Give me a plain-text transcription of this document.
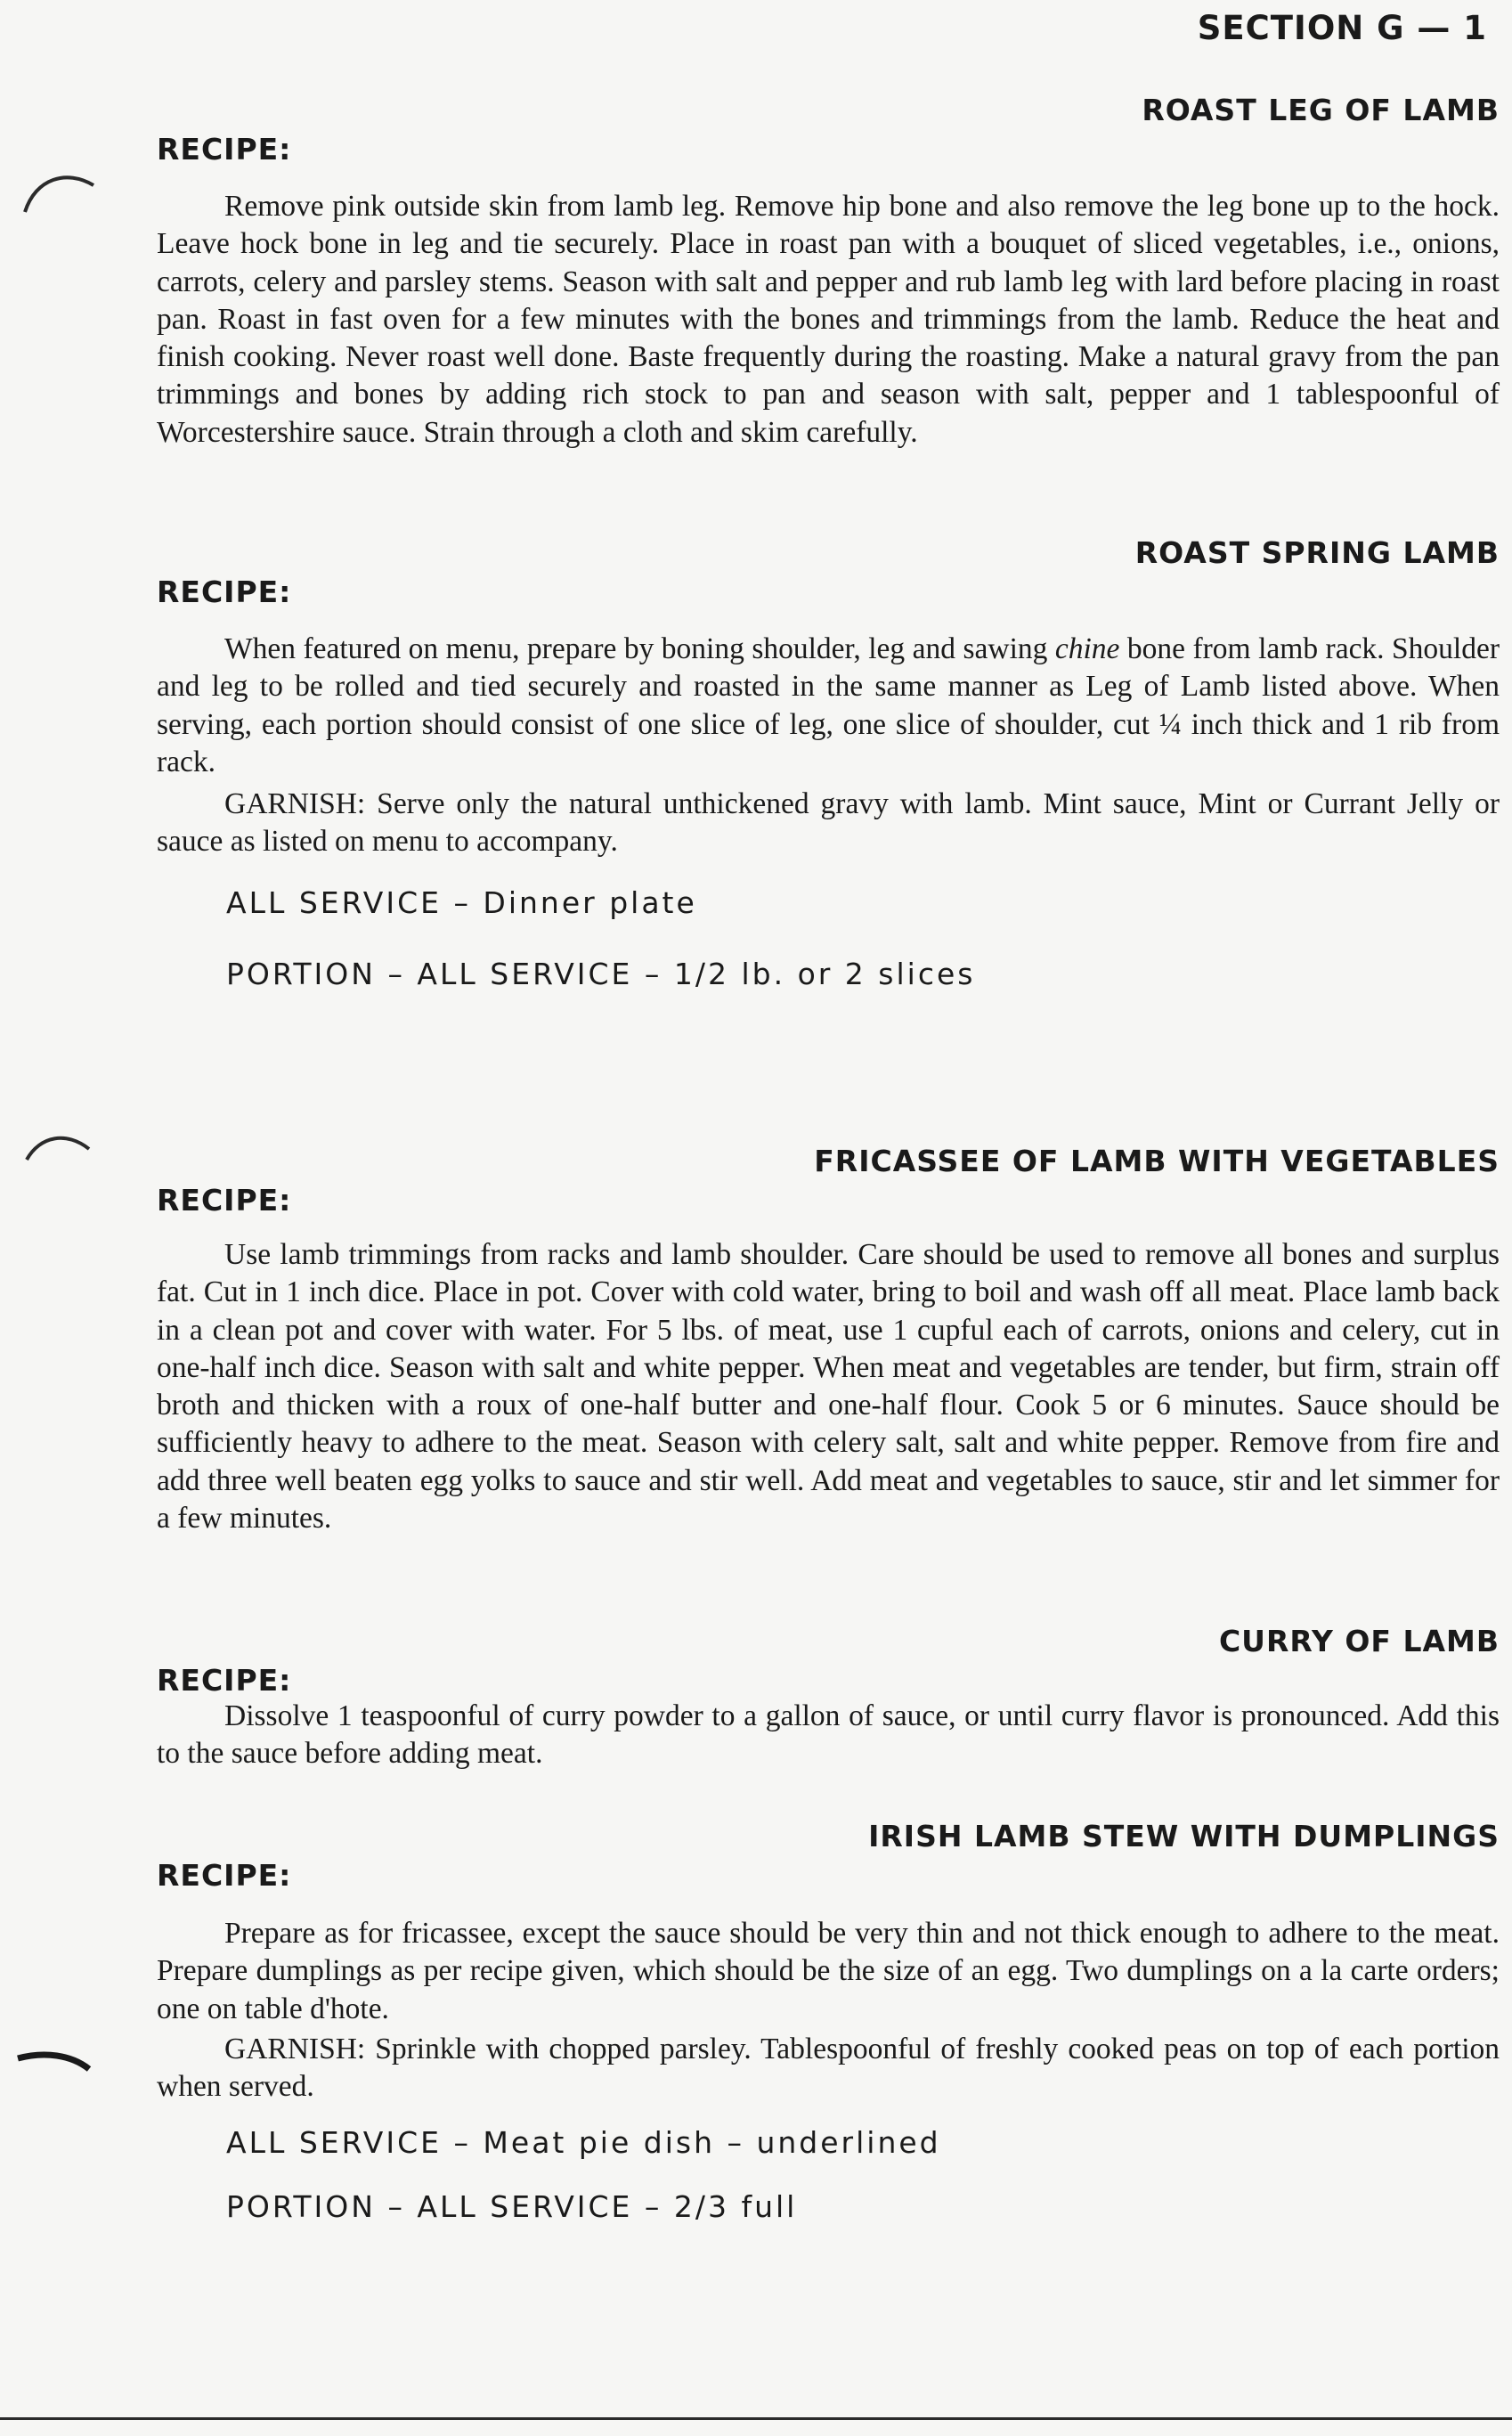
SECTION G — 1
ROAST LEG OF LAMB
RECIPE:

Remove pink outside skin from lamb leg. Remove hip bone and also remove the leg bone up to the hock. Leave hock bone in leg and tie securely. Place in roast pan with a bouquet of sliced vegetables, i.e., onions, carrots, celery and parsley stems. Season with salt and pepper and rub lamb leg with lard before placing in roast pan. Roast in fast oven for a few minutes with the bones and trimmings from the lamb. Reduce the heat and finish cooking. Never roast well done. Baste frequently during the roasting. Make a natural gravy from the pan trimmings and bones by adding rich stock to pan and season with salt, pepper and 1 tablespoonful of Worcestershire sauce. Strain through a cloth and skim carefully.

ROAST SPRING LAMB
RECIPE:

When featured on menu, prepare by boning shoulder, leg and sawing chine bone from lamb rack. Shoulder and leg to be rolled and tied securely and roasted in the same manner as Leg of Lamb listed above. When serving, each portion should consist of one slice of leg, one slice of shoulder, cut ¼ inch thick and 1 rib from rack.

GARNISH: Serve only the natural unthickened gravy with lamb. Mint sauce, Mint or Currant Jelly or sauce as listed on menu to accompany.

ALL SERVICE – Dinner plate
PORTION – ALL SERVICE – 1/2 lb. or 2 slices
FRICASSEE OF LAMB WITH VEGETABLES
RECIPE:

Use lamb trimmings from racks and lamb shoulder. Care should be used to remove all bones and surplus fat. Cut in 1 inch dice. Place in pot. Cover with cold water, bring to boil and wash off all meat. Place lamb back in a clean pot and cover with water. For 5 lbs. of meat, use 1 cupful each of carrots, onions and celery, cut in one-half inch dice. Season with salt and white pepper. When meat and vegetables are tender, but firm, strain off broth and thicken with a roux of one-half butter and one-half flour. Cook 5 or 6 minutes. Sauce should be sufficiently heavy to adhere to the meat. Season with celery salt, salt and white pepper. Remove from fire and add three well beaten egg yolks to sauce and stir well. Add meat and vegetables to sauce, stir and let simmer for a few minutes.

CURRY OF LAMB
RECIPE:

Dissolve 1 teaspoonful of curry powder to a gallon of sauce, or until curry flavor is pronounced. Add this to the sauce before adding meat.

IRISH LAMB STEW WITH DUMPLINGS
RECIPE:

Prepare as for fricassee, except the sauce should be very thin and not thick enough to adhere to the meat. Prepare dumplings as per recipe given, which should be the size of an egg. Two dumplings on a la carte orders; one on table d'hote.

GARNISH: Sprinkle with chopped parsley. Tablespoonful of freshly cooked peas on top of each portion when served.

ALL SERVICE – Meat pie dish – underlined
PORTION – ALL SERVICE – 2/3 full
